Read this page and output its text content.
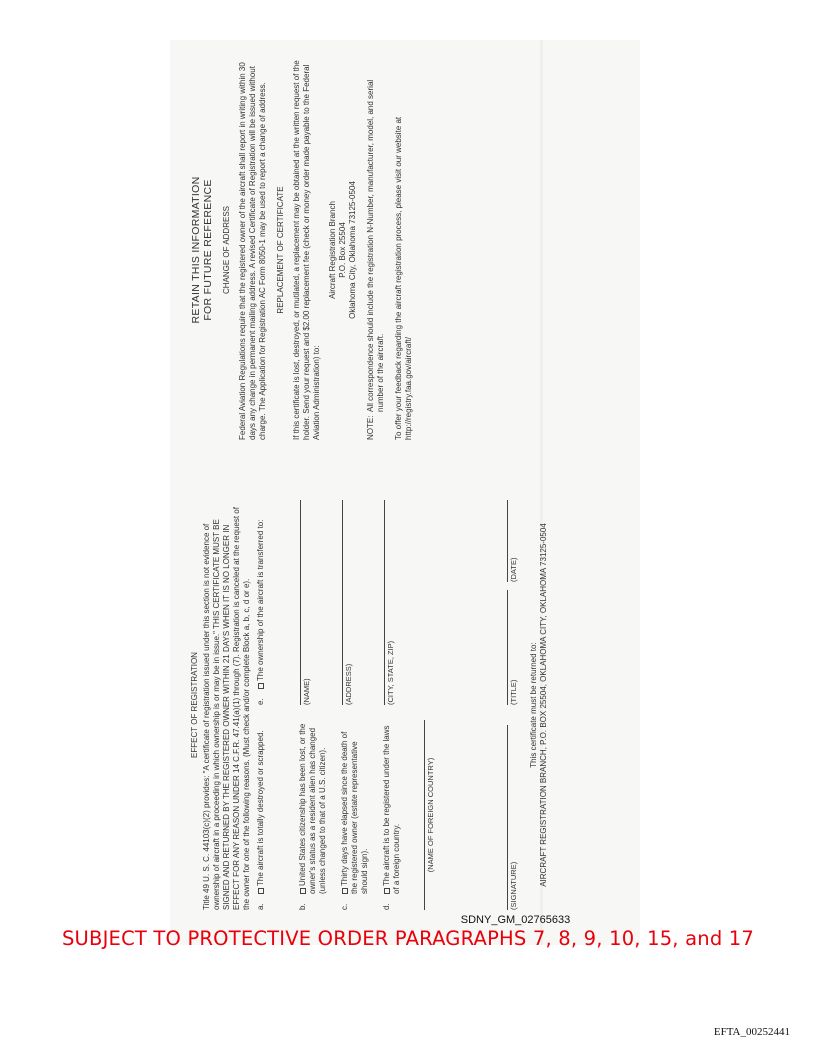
EFFECT OF REGISTRATION Title 49 U. S. C. 44103(c)(2) provides: "A certificate of registration issued under this section is not evidence of ownership of aircraft in a proceeding in which ownership is or may be in issue." THIS CERTIFICATE MUST BE SIGNED AND RETURNED BY THE REGISTERED OWNER WITHIN 21 DAYS WHEN IT IS NO LONGER IN EFFECT FOR ANY REASON UNDER 14 C.F.R. 47.41(a)(1) through (7). Registration is canceled at the request of the owner for one of the following reasons. (Must check and/or complete Block a, b, c, d or e). a.
The aircraft is totally destroyed or scrapped.
b.
United States citizenship has been lost, or the owner's status as a resident alien has changed (unless changed to that of a U.S. citizen).
c.
Thirty days have elapsed since the death of the registered owner (estate representative should sign).
d.
The aircraft is to be registered under the laws of a foreign country.	(NAME OF FOREIGN COUNTRY)
e.
The ownership of the aircraft is transferred to:
(NAME)	(ADDRESS)	(CITY, STATE, ZIP)
(SIGNATURE)
(TITLE)
(DATE)
This certificate must be returned to: AIRCRAFT REGISTRATION BRANCH, P.O. BOX 25504, OKLAHOMA CITY, OKLAHOMA 73125-0504
RETAIN THIS INFORMATION FOR FUTURE REFERENCE CHANGE OF ADDRESS Federal Aviation Regulations require that the registered owner of the aircraft shall report in writing within 30 days any change in permanent mailing address. A revised Certificate of Registration will be issued without charge. The Application for Registration AC Form 8050-1 may be used to report a change of address. REPLACEMENT OF CERTIFICATE If this certificate is lost, destroyed, or mutilated, a replacement may be obtained at the written request of the holder. Send your request and $2.00 replacement fee (check or money order made payable to the Federal Aviation Administration) to:

Aircraft Registration Branch P.O. Box 25504 Oklahoma City, Oklahoma 73125-0504
NOTE:
All correspondence should include the registration N-Number, manufacturer, model, and serial number of the aircraft. To offer your feedback regarding the aircraft registration process, please visit our website at http://registry.faa.gov/aircraft/

SDNY_GM_02765633
SUBJECT TO PROTECTIVE ORDER PARAGRAPHS 7, 8, 9, 10, 15, and 17
EFTA_00252441
